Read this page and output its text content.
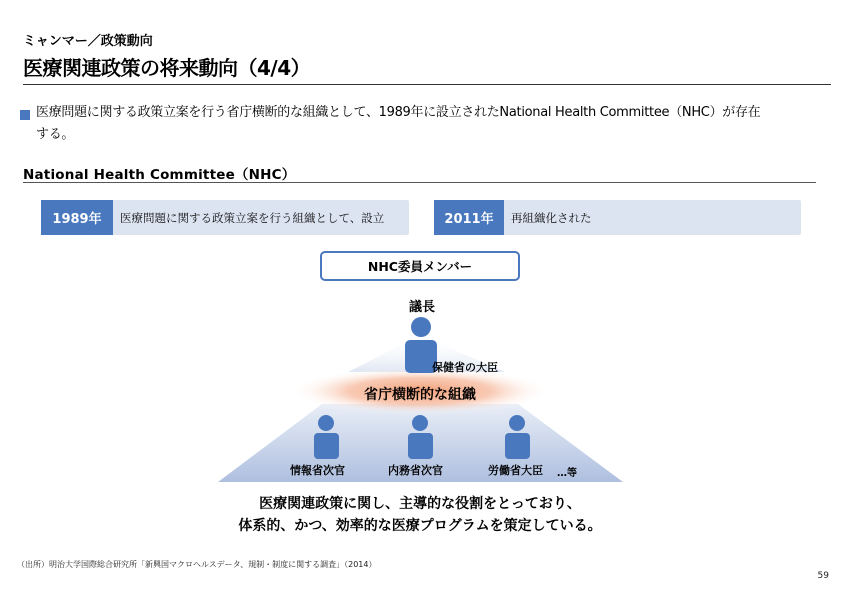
ミャンマー／政策動向
医療関連政策の将来動向（4/4）
医療問題に関する政策立案を行う省庁横断的な組織として、1989年に設立されたNational Health Committee（NHC）が存在
する。
National Health Committee（NHC）
1989年	医療問題に関する政策立案を行う組織として、設立	2011年	再組織化された
NHC委員メンバー
議長
保健省の大臣
省庁横断的な組織
情報省次官	内務省次官	労働省大臣 …等
医療関連政策に関し、主導的な役割をとっており、
体系的、かつ、効率的な医療プログラムを策定している。
（出所）明治大学国際総合研究所「新興国マクロヘルスデータ、規制・制度に関する調査」（2014）
59
